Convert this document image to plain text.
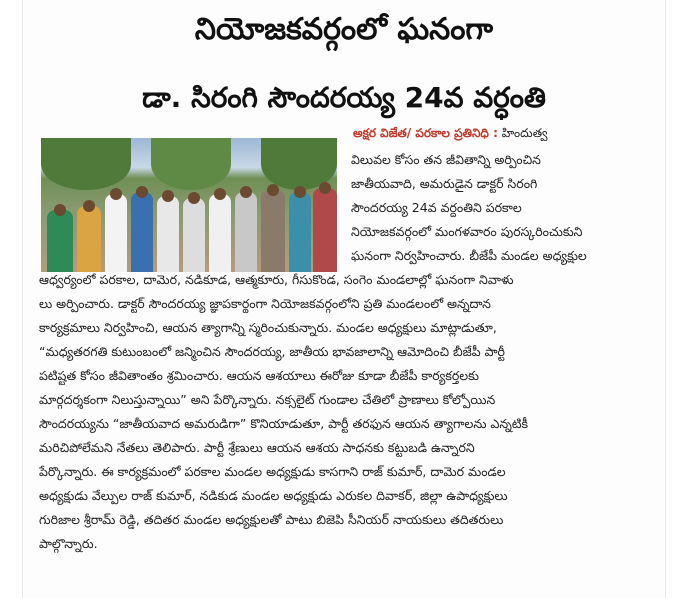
నియోజకవర్గంలో ఘనంగా
డా. సిరంగి సౌందరయ్య 24వ వర్ధంతి
అక్షర విజేత/ పరకాల ప్రతినిధి : హిందుత్వ
విలువల కోసం తన జీవితాన్ని అర్పించిన
జాతీయవాది, అమరుడైన డాక్టర్ సిరంగి
సౌందరయ్య 24వ వర్ధంతిని పరకాల
నియోజకవర్గంలో మంగళవారం పురస్కరించుకుని
ఘనంగా నిర్వహించారు. బీజేపీ మండల అధ్యక్షుల
ఆధ్వర్యంలో పరకాల, దామెర, నడికూడ, ఆత్మకూరు, గీసుకొండ, సంగెం మండలాల్లో ఘనంగా నివాళు
లు అర్పించారు. డాక్టర్ సౌందరయ్య జ్ఞాపకార్థంగా నియోజకవర్గంలోని ప్రతి మండలంలో అన్నదాన
కార్యక్రమాలు నిర్వహించి, ఆయన త్యాగాన్ని స్మరించుకున్నారు. మండల అధ్యక్షులు మాట్లాడుతూ,
“మధ్యతరగతి కుటుంబంలో జన్మించిన సౌందరయ్య, జాతీయ భావజాలాన్ని ఆమోదించి బీజేపీ పార్టీ
పటిష్టత కోసం జీవితాంతం శ్రమించారు. ఆయన ఆశయాలు ఈరోజు కూడా బీజేపీ కార్యకర్తలకు
మార్గదర్శకంగా నిలుస్తున్నాయి” అని పేర్కొన్నారు. నక్సలైట్ గుండాల చేతిలో ప్రాణాలు కోల్పోయిన
సౌందరయ్యను “జాతీయవాద అమరుడిగా” కొనియాడుతూ, పార్టీ తరఫున ఆయన త్యాగాలను ఎన్నటికీ
మరిచిపోలేమని నేతలు తెలిపారు. పార్టీ శ్రేణులు ఆయన ఆశయ సాధనకు కట్టుబడి ఉన్నారని
పేర్కొన్నారు. ఈ కార్యక్రమంలో పరకాల మండల అధ్యక్షుడు కాసగాని రాజ్ కుమార్, దామెర మండల
అధ్యక్షుడు వేల్పుల రాజ్ కుమార్, నడికుడ మండల అధ్యక్షుడు ఎరుకల దివాకర్, జిల్లా ఉపాధ్యక్షులు
గురిజాల శ్రీరామ్ రెడ్డి, తదితర మండల అధ్యక్షులతో పాటు బిజెపి సీనియర్ నాయకులు తదితరులు
పాల్గొన్నారు.
